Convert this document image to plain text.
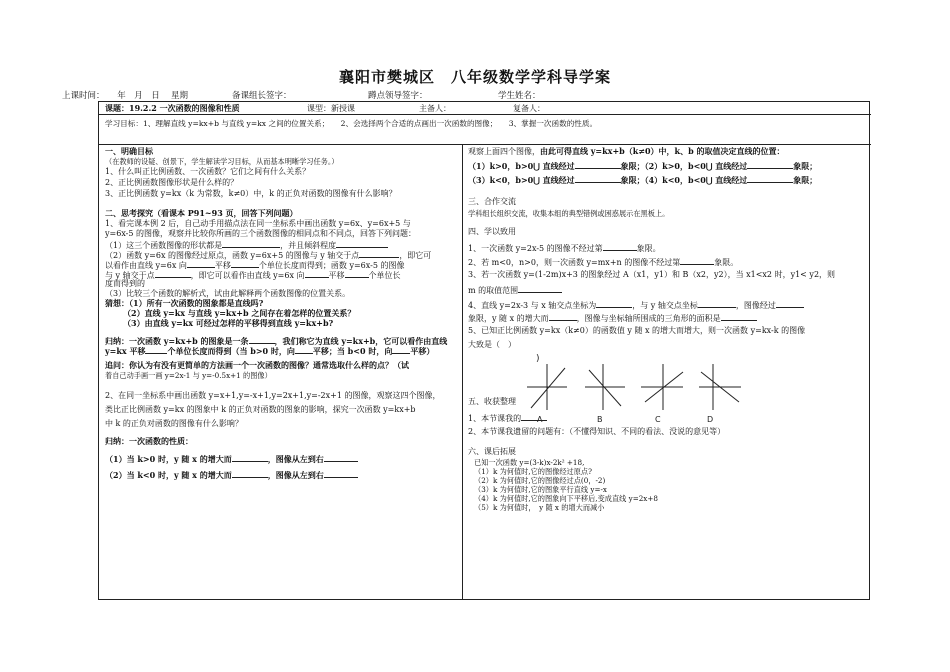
襄阳市樊城区　八年级数学学科导学案
上课时间：　　年　月　日　 星期	备课组长签字：	蹲点领导签字：	学生姓名：
课题：19.2.2 一次函数的图像和性质	课型：新授课	主备人：	复备人：
学习目标：1、理解直线 y=kx+b 与直线 y=kx 之间的位置关系；　　2、会选择两个合适的点画出一次函数的图像；　　3、掌握一次函数的性质。
一、明确目标
（在教师的设疑、创景下，学生解读学习目标，从而基本明晰学习任务。）
1、什么叫正比例函数、一次函数？它们之间有什么关系？
2、正比例函数图像形状是什么样的？
3、正比例函数 y=kx（k 为常数，k≠0）中，k 的正负对函数的图像有什么影响？
二、思考探究（看课本 P91~93 页，回答下列问题）
1、看完课本例 2 后，自己动手用描点法在同一坐标系中画出函数 y=6x、y=6x+5 与
y=6x-5 的图像，观察并比较你所画的三个函数图像的相同点和不同点，回答下列问题：
（1）这三个函数图像的形状都是	，并且倾斜程度
（2）函数 y=6x 的图像经过原点，函数 y=6x+5 的图像与 y 轴交于点	，即它可
以看作由直线 y=6x 向	平移	个单位长度而得到；函数 y=6x-5 的图像
与 y 轴交于点	，即它可以看作由直线 y=6x 向	平移	个单位长
度而得到的
（3）比较三个函数的解析式，试由此解释两个函数图像的位置关系。
猜想：（1）所有一次函数的图象都是直线吗?
（2）直线 y=kx 与直线 y=kx+b 之间存在着怎样的位置关系？
（3）由直线 y=kx 可经过怎样的平移得到直线 y=kx+b?
归纳：一次函数 y=kx+b 的图象是一条	，我们称它为直线 y=kx+b，它可以看作由直线
y=kx 平移	个单位长度而得到（当 b>0 时，向 平移；当 b<0 时，向 平移）
追问：你认为有没有更简单的方法画一个一次函数的图像？通常选取什么样的点？（试
着自己动手画一画 y=2x-1 与 y=-0.5x+1 的图像）
2、在同一坐标系中画出函数 y=x+1,y=-x+1,y=2x+1,y=-2x+1 的图像，观察这四个图像，
类比正比例函数 y=kx 的图象中 k 的正负对函数的图象的影响，探究一次函数 y=kx+b
中 k 的正负对函数的图像有什么影响？
归纳：一次函数的性质：
（1）当 k>0 时，y 随 x 的增大而	，图像从左到右
（2）当 k<0 时，y 随 x 的增大而	，图像从左到右
观察上面四个图像，由此可得直线 y=kx+b（k≠0）中，k、b 的取值决定直线的位置：
（1）k>0，b>0⋃ 直线经过	象限；（2）k>0，b<0⋃ 直线经过	象限；
（3）k<0，b>0⋃ 直线经过	象限；（4）k<0，b<0⋃ 直线经过	象限；
三、合作交流
学科组长组织交流，收集本组的典型错例或困惑展示在黑板上。
四、学以致用
1、一次函数 y=2x-5 的图像不经过第	象限。
2、若 m<0，n>0，则一次函数 y=mx+n 的图像不经过第	象限。
3、若一次函数 y=(1-2m)x+3 的图象经过 A（x1，y1）和 B（x2，y2），当 x1<x2 时，y1< y2，则
m 的取值范围
4、直线 y=2x-3 与 x 轴交点坐标为	，与 y 轴交点坐标	，图像经过
象限，y 随 x 的增大而	，图像与坐标轴所围成的三角形的面积是
5、已知正比例函数 y=kx（k≠0）的函数值 y 随 x 的增大而增大，则一次函数 y=kx-k 的图像
大致是（　）
)
A	B	C	D
五、收获整理
1、本节课我的
2、本节课我遗留的问题有：（不懂得知识、不同的看法、没说的意见等）
六、课后拓展
已知一次函数 y=(3-k)x-2k² +18,
（1）k 为何值时,它的图像经过原点?
（2）k 为何值时,它的图像经过点(0，-2)
（3）k 为何值时,它的图象平行直线 y=-x
（4）k 为何值时,它的图象向下平移后,变成直线 y=2x+8
（5）k 为何值时，　y 随 x 的增大而减小
